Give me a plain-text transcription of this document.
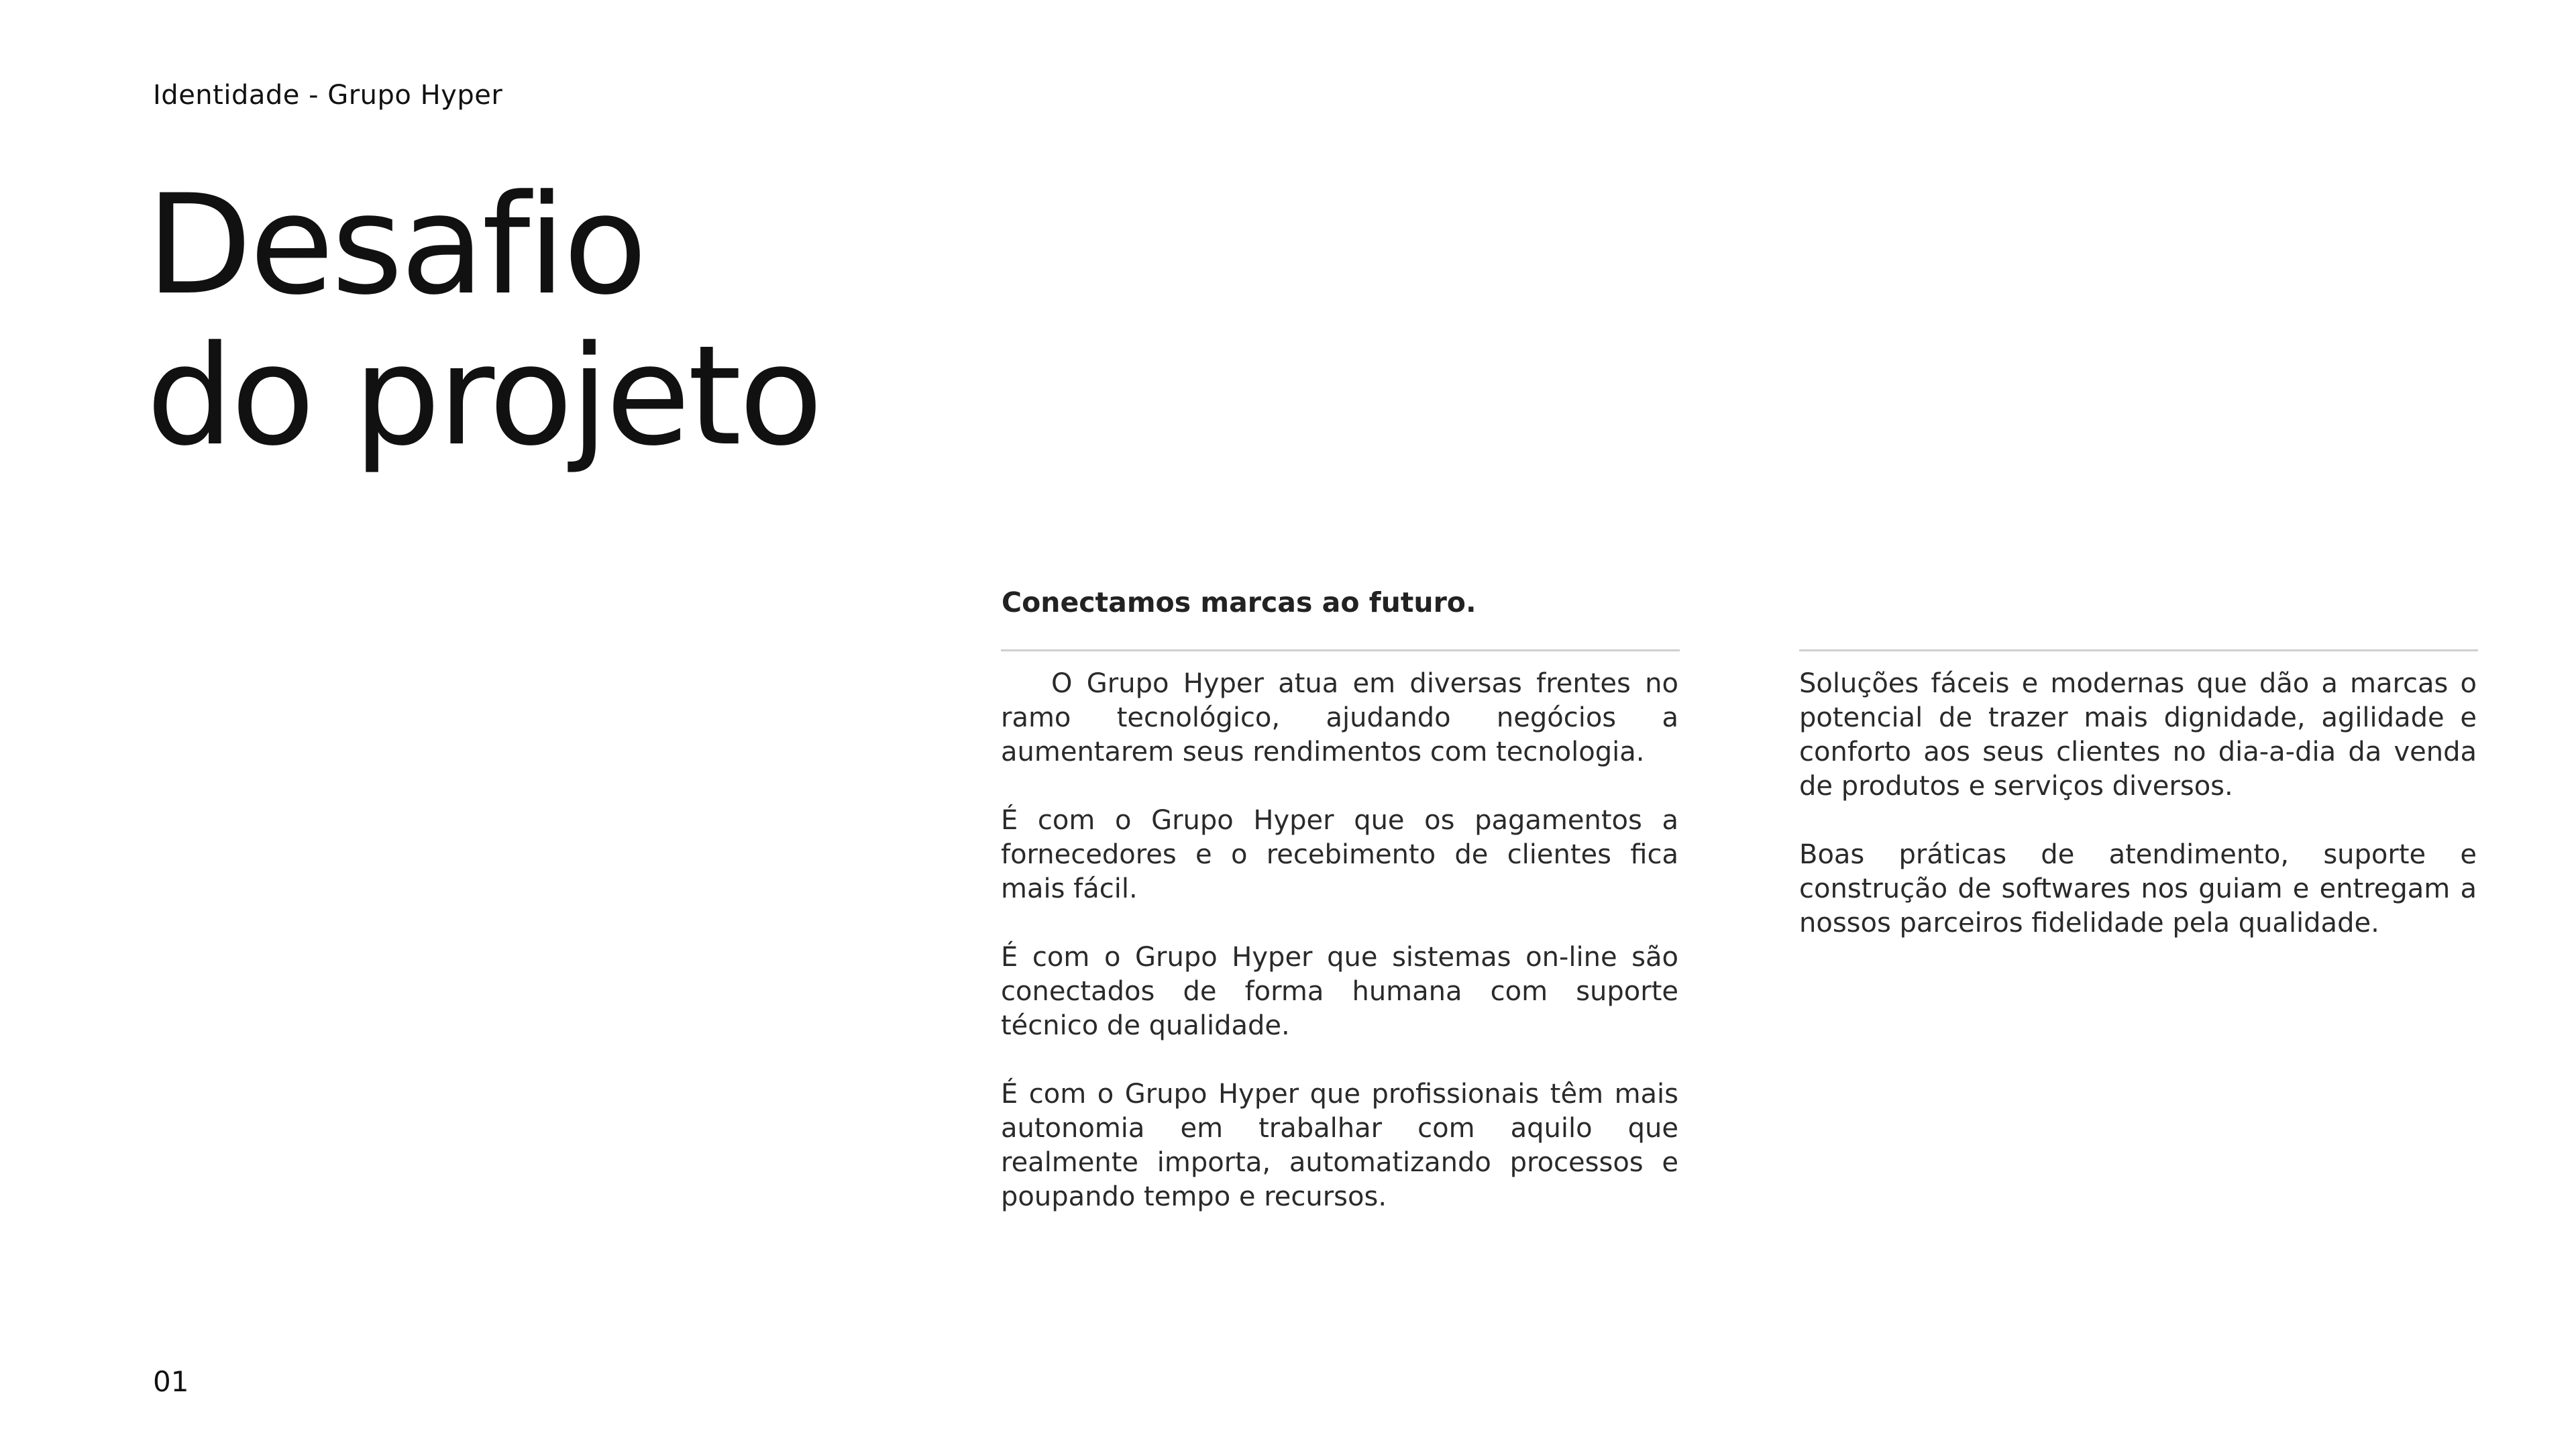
Identidade - Grupo Hyper
Desafio
do projeto
Conectamos marcas ao futuro.

O Grupo Hyper atua em diversas frentes no ramo tecnológico, ajudando negócios a aumentarem seus rendimentos com tecnologia.

É com o Grupo Hyper que os pagamentos a fornecedores e o recebimento de clientes fica mais fácil.

É com o Grupo Hyper que sistemas on-line são conectados de forma humana com suporte técnico de qualidade.

É com o Grupo Hyper que profissionais têm mais autonomia em trabalhar com aquilo que realmente importa, automatizando processos e poupando tempo e recursos.

Soluções fáceis e modernas que dão a marcas o potencial de trazer mais dignidade, agilidade e conforto aos seus clientes no dia-a-dia da venda de produtos e serviços diversos.

Boas práticas de atendimento, suporte e construção de softwares nos guiam e entregam a nossos parceiros fidelidade pela qualidade.

01
